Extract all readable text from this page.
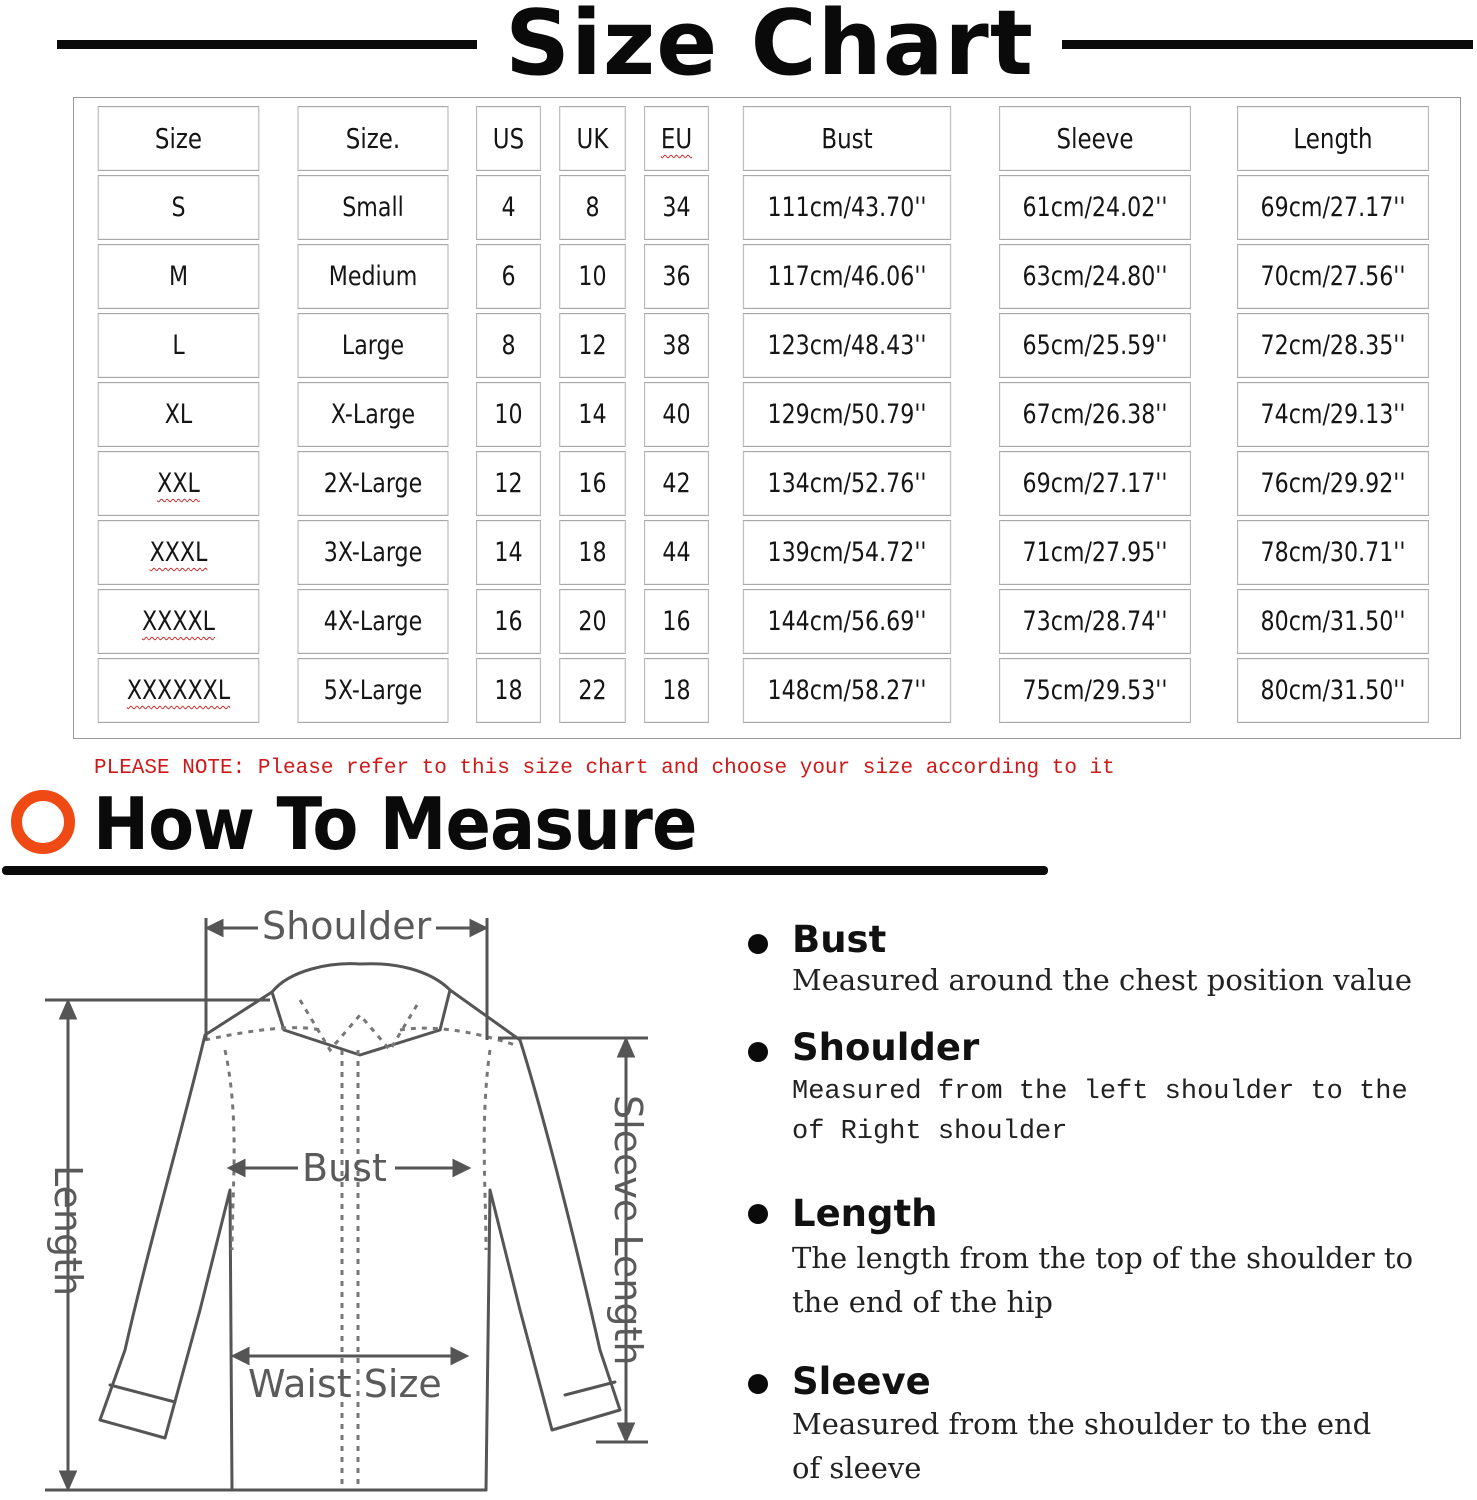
Size Chart
Size	Size.	US	UK	EU	Bust	Sleeve	Length
S	Small	4	8	34	111cm/43.70''	61cm/24.02''	69cm/27.17''
M	Medium	6	10	36	117cm/46.06''	63cm/24.80''	70cm/27.56''
L	Large	8	12	38	123cm/48.43''	65cm/25.59''	72cm/28.35''
XL	X-Large	10	14	40	129cm/50.79''	67cm/26.38''	74cm/29.13''
XXL	2X-Large	12	16	42	134cm/52.76''	69cm/27.17''	76cm/29.92''
XXXL	3X-Large	14	18	44	139cm/54.72''	71cm/27.95''	78cm/30.71''
XXXXL	4X-Large	16	20	16	144cm/56.69''	73cm/28.74''	80cm/31.50''
XXXXXXL	5X-Large	18	22	18	148cm/58.27''	75cm/29.53''	80cm/31.50''
PLEASE NOTE: Please refer to this size chart and choose your size according to it
How To Measure
Shoulder
Bust
Waist Size
Length	Sleeve Length
Bust
Measured around the chest position value
Shoulder
Measured from the left shoulder to the
of Right shoulder
Length
The length from the top of the shoulder to
the end of the hip
Sleeve
Measured from the shoulder to the end
of sleeve
